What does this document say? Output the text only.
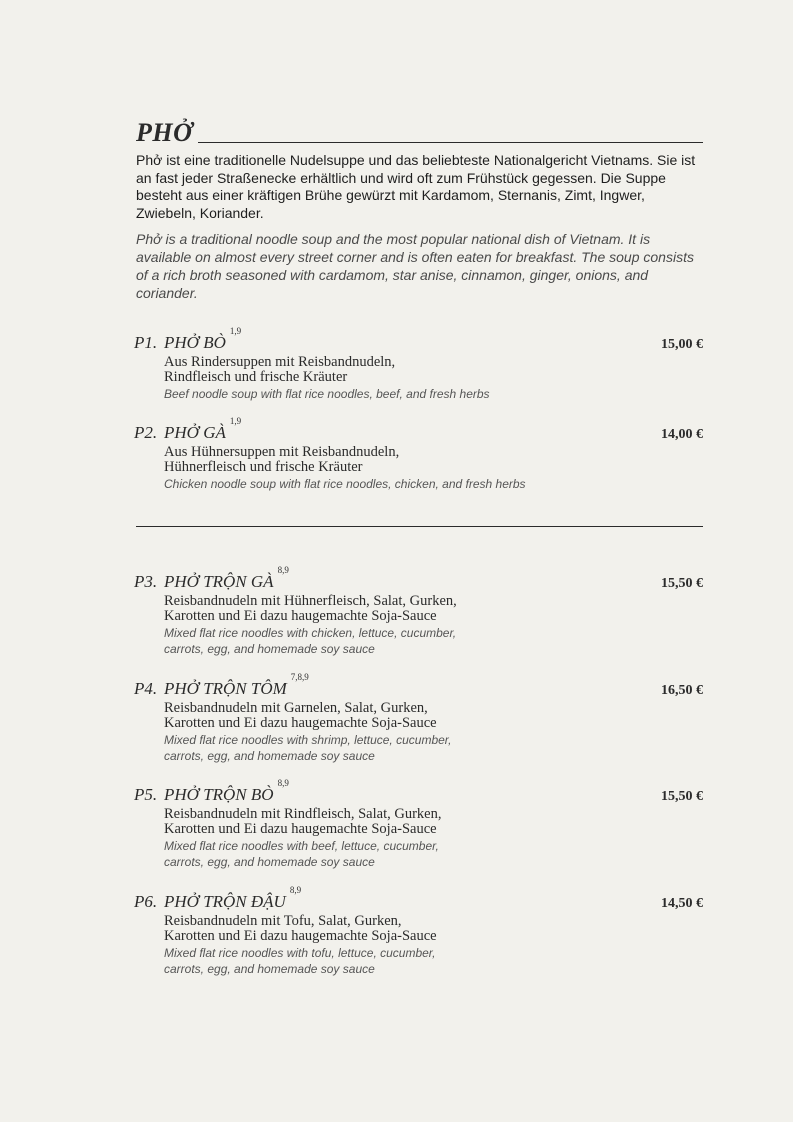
PHỞ
Phở ist eine traditionelle Nudelsuppe und das beliebteste Nationalgericht Vietnams. Sie ist an fast jeder Straßenecke erhältlich und wird oft zum Frühstück gegessen. Die Suppe besteht aus einer kräftigen Brühe gewürzt mit Kardamom, Sternanis, Zimt, Ingwer, Zwiebeln, Koriander.
Phở is a traditional noodle soup and the most popular national dish of Vietnam. It is available on almost every street corner and is often eaten for breakfast. The soup consists of a rich broth seasoned with cardamom, star anise, cinnamon, ginger, onions, and coriander.
P1. PHỞ BÒ
1,9
15,00 €
Aus Rindersuppen mit Reisbandnudeln,
Rindfleisch und frische Kräuter
Beef noodle soup with flat rice noodles, beef, and fresh herbs
P2. PHỞ GÀ
1,9
14,00 €
Aus Hühnersuppen mit Reisbandnudeln,
Hühnerfleisch und frische Kräuter
Chicken noodle soup with flat rice noodles, chicken, and fresh herbs
P3. PHỞ TRỘN GÀ
8,9
15,50 €
Reisbandnudeln mit Hühnerfleisch, Salat, Gurken,
Karotten und Ei dazu haugemachte Soja-Sauce
Mixed flat rice noodles with chicken, lettuce, cucumber,
carrots, egg, and homemade soy sauce
P4. PHỞ TRỘN TÔM
7,8,9
16,50 €
Reisbandnudeln mit Garnelen, Salat, Gurken,
Karotten und Ei dazu haugemachte Soja-Sauce
Mixed flat rice noodles with shrimp, lettuce, cucumber,
carrots, egg, and homemade soy sauce
P5. PHỞ TRỘN BÒ
8,9
15,50 €
Reisbandnudeln mit Rindfleisch, Salat, Gurken,
Karotten und Ei dazu haugemachte Soja-Sauce
Mixed flat rice noodles with beef, lettuce, cucumber,
carrots, egg, and homemade soy sauce
P6. PHỞ TRỘN ĐẬU
8,9
14,50 €
Reisbandnudeln mit Tofu, Salat, Gurken,
Karotten und Ei dazu haugemachte Soja-Sauce
Mixed flat rice noodles with tofu, lettuce, cucumber,
carrots, egg, and homemade soy sauce
